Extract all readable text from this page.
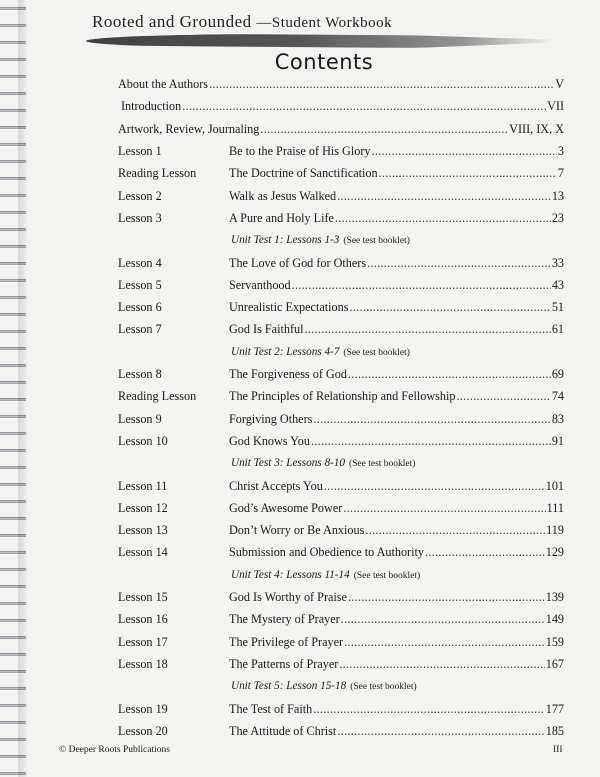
Rooted and Grounded —Student Workbook
Contents
About the Authors .....	V
Introduction .....	VII
Artwork, Review, Journaling .....	VIII, IX, X
Lesson 1	Be to the Praise of His Glory .....	3
Reading Lesson	The Doctrine of Sanctification .....	7
Lesson 2	Walk as Jesus Walked .....	13
Lesson 3	A Pure and Holy Life .....	23
Unit Test 1: Lessons 1-3 (See test booklet)
Lesson 4	The Love of God for Others .....	33
Lesson 5	Servanthood .....	43
Lesson 6	Unrealistic Expectations .....	51
Lesson 7	God Is Faithful .....	61
Unit Test 2: Lessons 4-7 (See test booklet)
Lesson 8	The Forgiveness of God .....	69
Reading Lesson	The Principles of Relationship and Fellowship .....	74
Lesson 9	Forgiving Others .....	83
Lesson 10	God Knows You .....	91
Unit Test 3: Lessons 8-10 (See test booklet)
Lesson 11	Christ Accepts You .....	101
Lesson 12	God’s Awesome Power .....	111
Lesson 13	Don’t Worry or Be Anxious .....	119
Lesson 14	Submission and Obedience to Authority .....	129
Unit Test 4: Lessons 11-14 (See test booklet)
Lesson 15	God Is Worthy of Praise .....	139
Lesson 16	The Mystery of Prayer .....	149
Lesson 17	The Privilege of Prayer .....	159
Lesson 18	The Patterns of Prayer .....	167
Unit Test 5: Lesson 15-18 (See test booklet)
Lesson 19	The Test of Faith .....	177
Lesson 20	The Attitude of Christ .....	185
© Deeper Roots Publications	III
